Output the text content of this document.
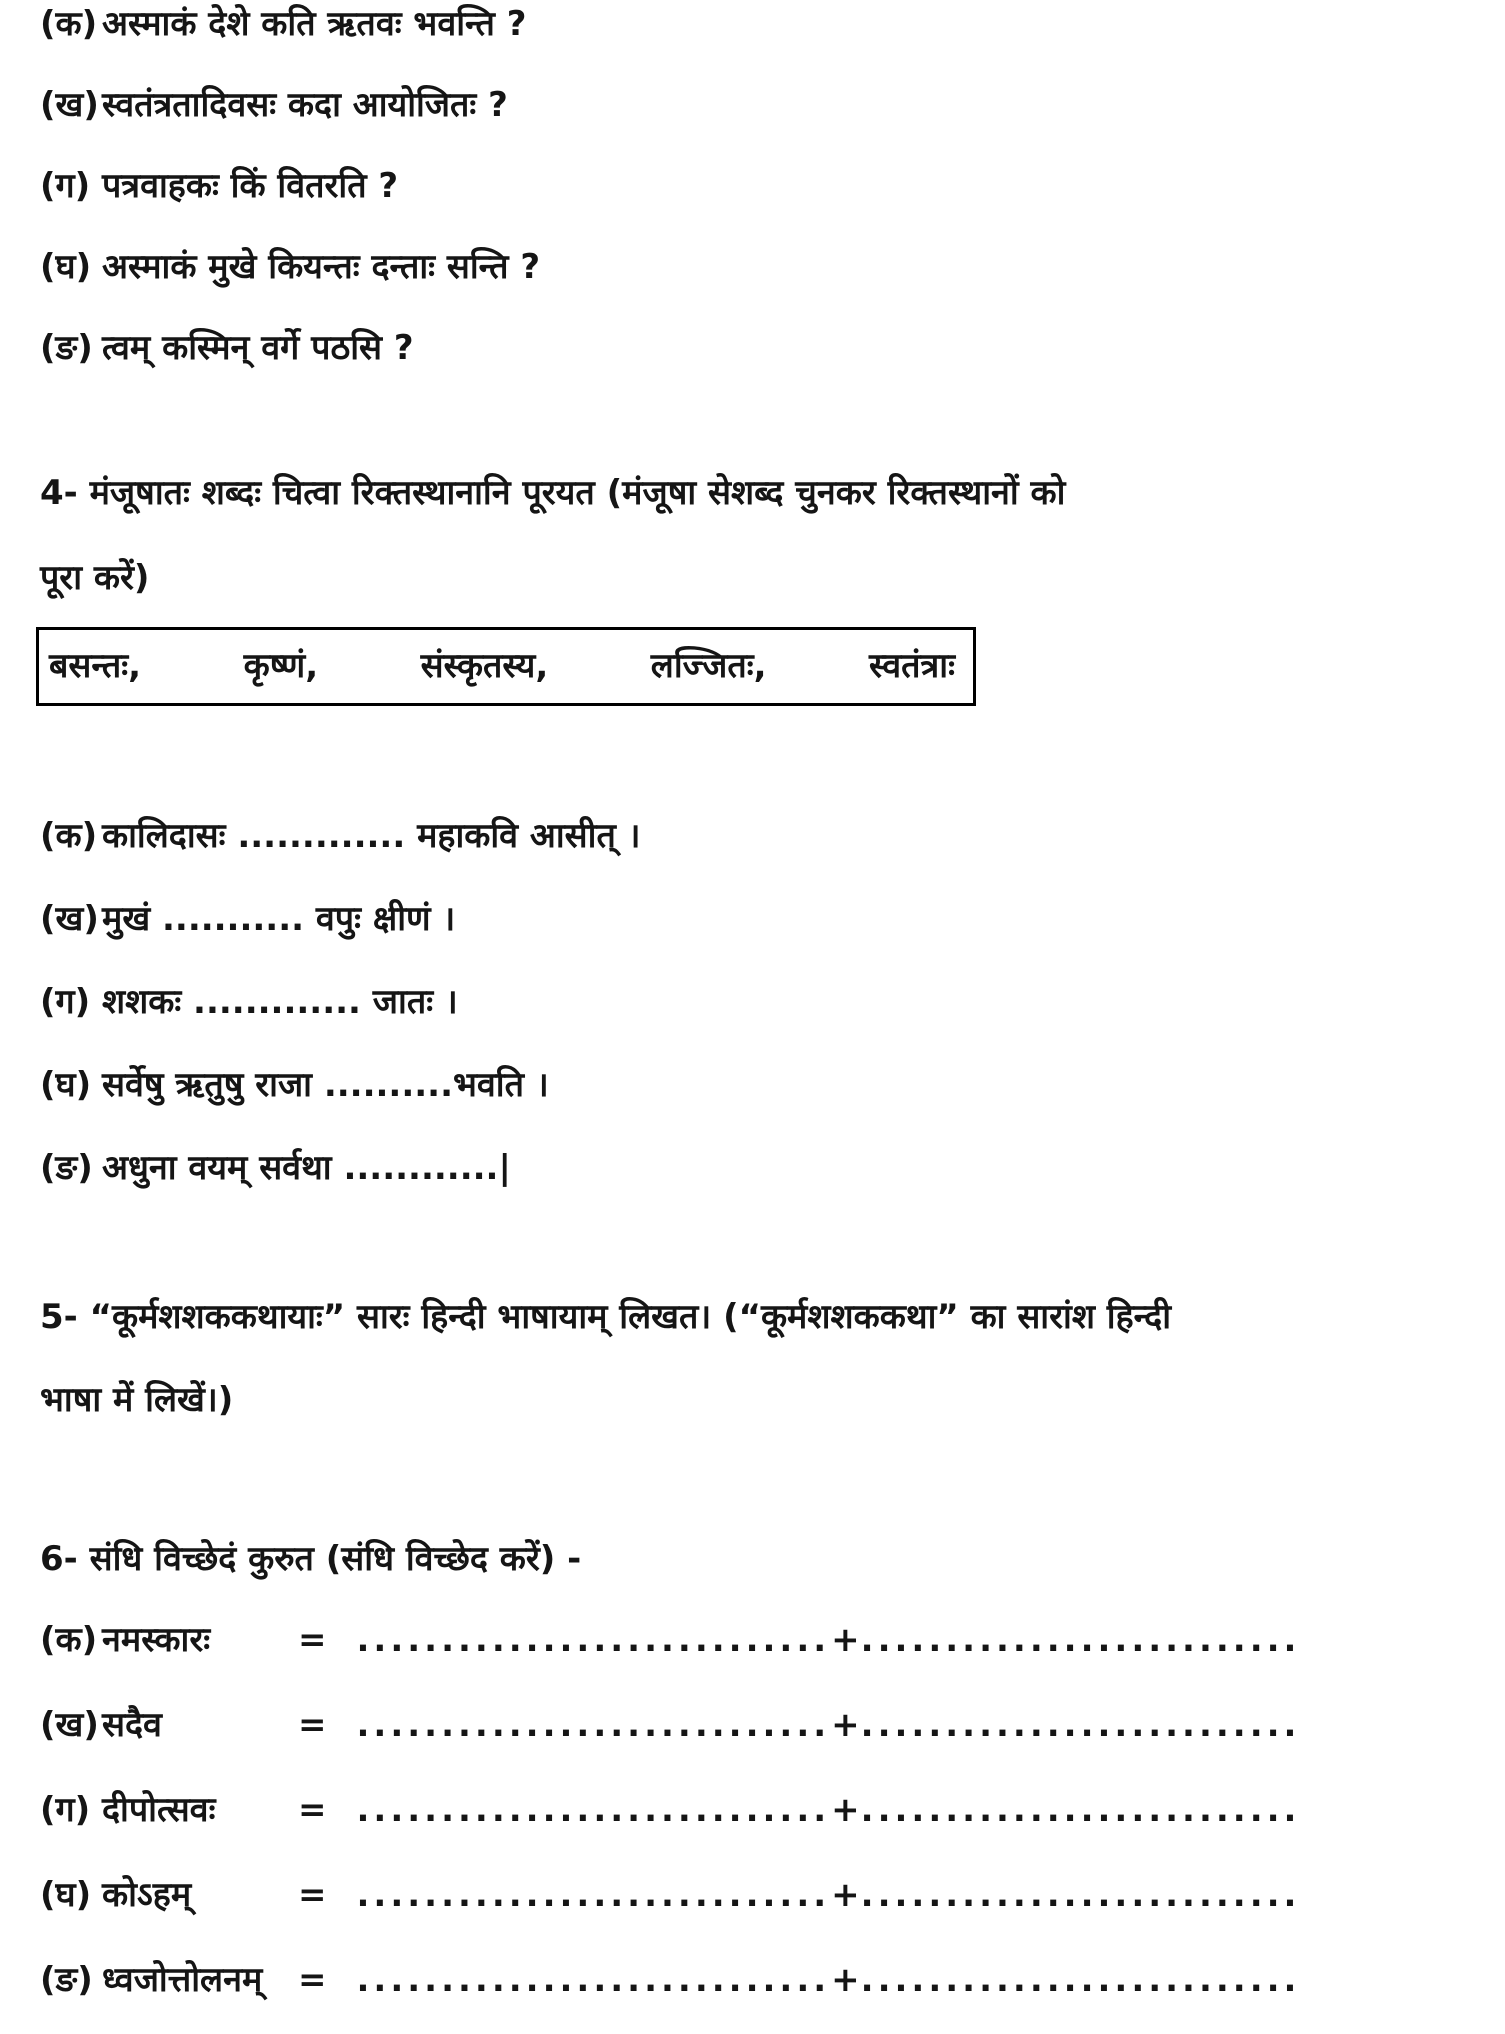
(क) अस्माकं देशे कति ऋतवः भवन्ति ?
(ख) स्वतंत्रतादिवसः कदा आयोजितः ?
(ग) पत्रवाहकः किं वितरति ?
(घ) अस्माकं मुखे कियन्तः दन्ताः सन्ति ?
(ङ) त्वम् कस्मिन् वर्गे पठसि ?
4- मंजूषातः शब्दः चित्वा रिक्तस्थानानि पूरयत (मंजूषा सेशब्द चुनकर रिक्तस्थानों को
पूरा करें)
बसन्तः,	कृष्णं,	संस्कृतस्य,	लज्जितः,	स्वतंत्राः
(क) कालिदासः ............. महाकवि आसीत् ।
(ख) मुखं ........... वपुः क्षीणं ।
(ग) शशकः ............. जातः ।
(घ) सर्वेषु ऋतुषु राजा ..........भवति ।
(ङ) अधुना वयम् सर्वथा ............|
5- “कूर्मशशककथायाः” सारः हिन्दी भाषायाम् लिखत। (“कूर्मशशककथा” का सारांश हिन्दी
भाषा में लिखें।)
6- संधि विच्छेदं कुरुत (संधि विच्छेद करें) -
(क) नमस्कारः	= ............................ + ..........................
(ख) सदैव	= ............................ + ..........................
(ग) दीपोत्सवः	= ............................ + ..........................
(घ) कोऽहम्	= ............................ + ..........................
(ङ) ध्वजोत्तोलनम्	= ............................ + ..........................
